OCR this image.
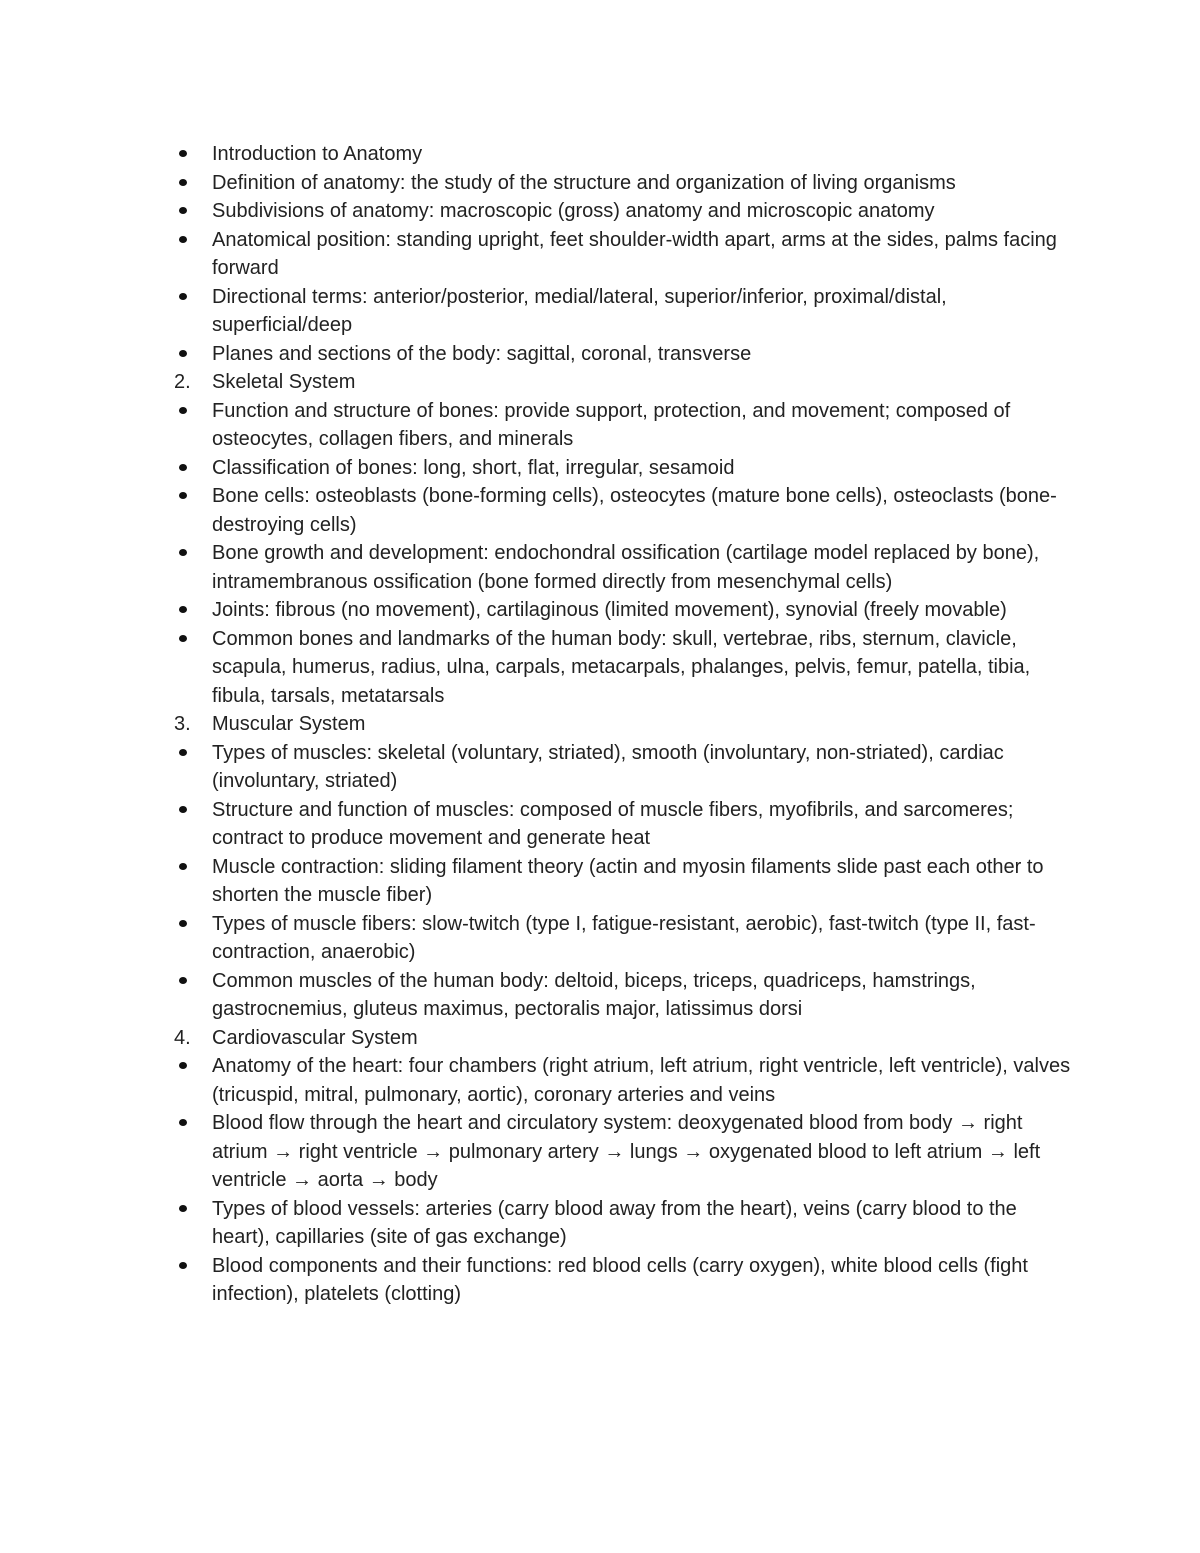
Introduction to Anatomy
Definition of anatomy: the study of the structure and organization of living organisms
Subdivisions of anatomy: macroscopic (gross) anatomy and microscopic anatomy
Anatomical position: standing upright, feet shoulder-width apart, arms at the sides, palms facing forward
Directional terms: anterior/posterior, medial/lateral, superior/inferior, proximal/distal, superficial/deep
Planes and sections of the body: sagittal, coronal, transverse
2. Skeletal System
Function and structure of bones: provide support, protection, and movement; composed of osteocytes, collagen fibers, and minerals
Classification of bones: long, short, flat, irregular, sesamoid
Bone cells: osteoblasts (bone-forming cells), osteocytes (mature bone cells), osteoclasts (bone-destroying cells)
Bone growth and development: endochondral ossification (cartilage model replaced by bone), intramembranous ossification (bone formed directly from mesenchymal cells)
Joints: fibrous (no movement), cartilaginous (limited movement), synovial (freely movable)
Common bones and landmarks of the human body: skull, vertebrae, ribs, sternum, clavicle, scapula, humerus, radius, ulna, carpals, metacarpals, phalanges, pelvis, femur, patella, tibia, fibula, tarsals, metatarsals
3. Muscular System
Types of muscles: skeletal (voluntary, striated), smooth (involuntary, non-striated), cardiac (involuntary, striated)
Structure and function of muscles: composed of muscle fibers, myofibrils, and sarcomeres; contract to produce movement and generate heat
Muscle contraction: sliding filament theory (actin and myosin filaments slide past each other to shorten the muscle fiber)
Types of muscle fibers: slow-twitch (type I, fatigue-resistant, aerobic), fast-twitch (type II, fast-contraction, anaerobic)
Common muscles of the human body: deltoid, biceps, triceps, quadriceps, hamstrings, gastrocnemius, gluteus maximus, pectoralis major, latissimus dorsi
4. Cardiovascular System
Anatomy of the heart: four chambers (right atrium, left atrium, right ventricle, left ventricle), valves (tricuspid, mitral, pulmonary, aortic), coronary arteries and veins
Blood flow through the heart and circulatory system: deoxygenated blood from body → right atrium → right ventricle → pulmonary artery → lungs → oxygenated blood to left atrium → left ventricle → aorta → body
Types of blood vessels: arteries (carry blood away from the heart), veins (carry blood to the heart), capillaries (site of gas exchange)
Blood components and their functions: red blood cells (carry oxygen), white blood cells (fight infection), platelets (clotting)
